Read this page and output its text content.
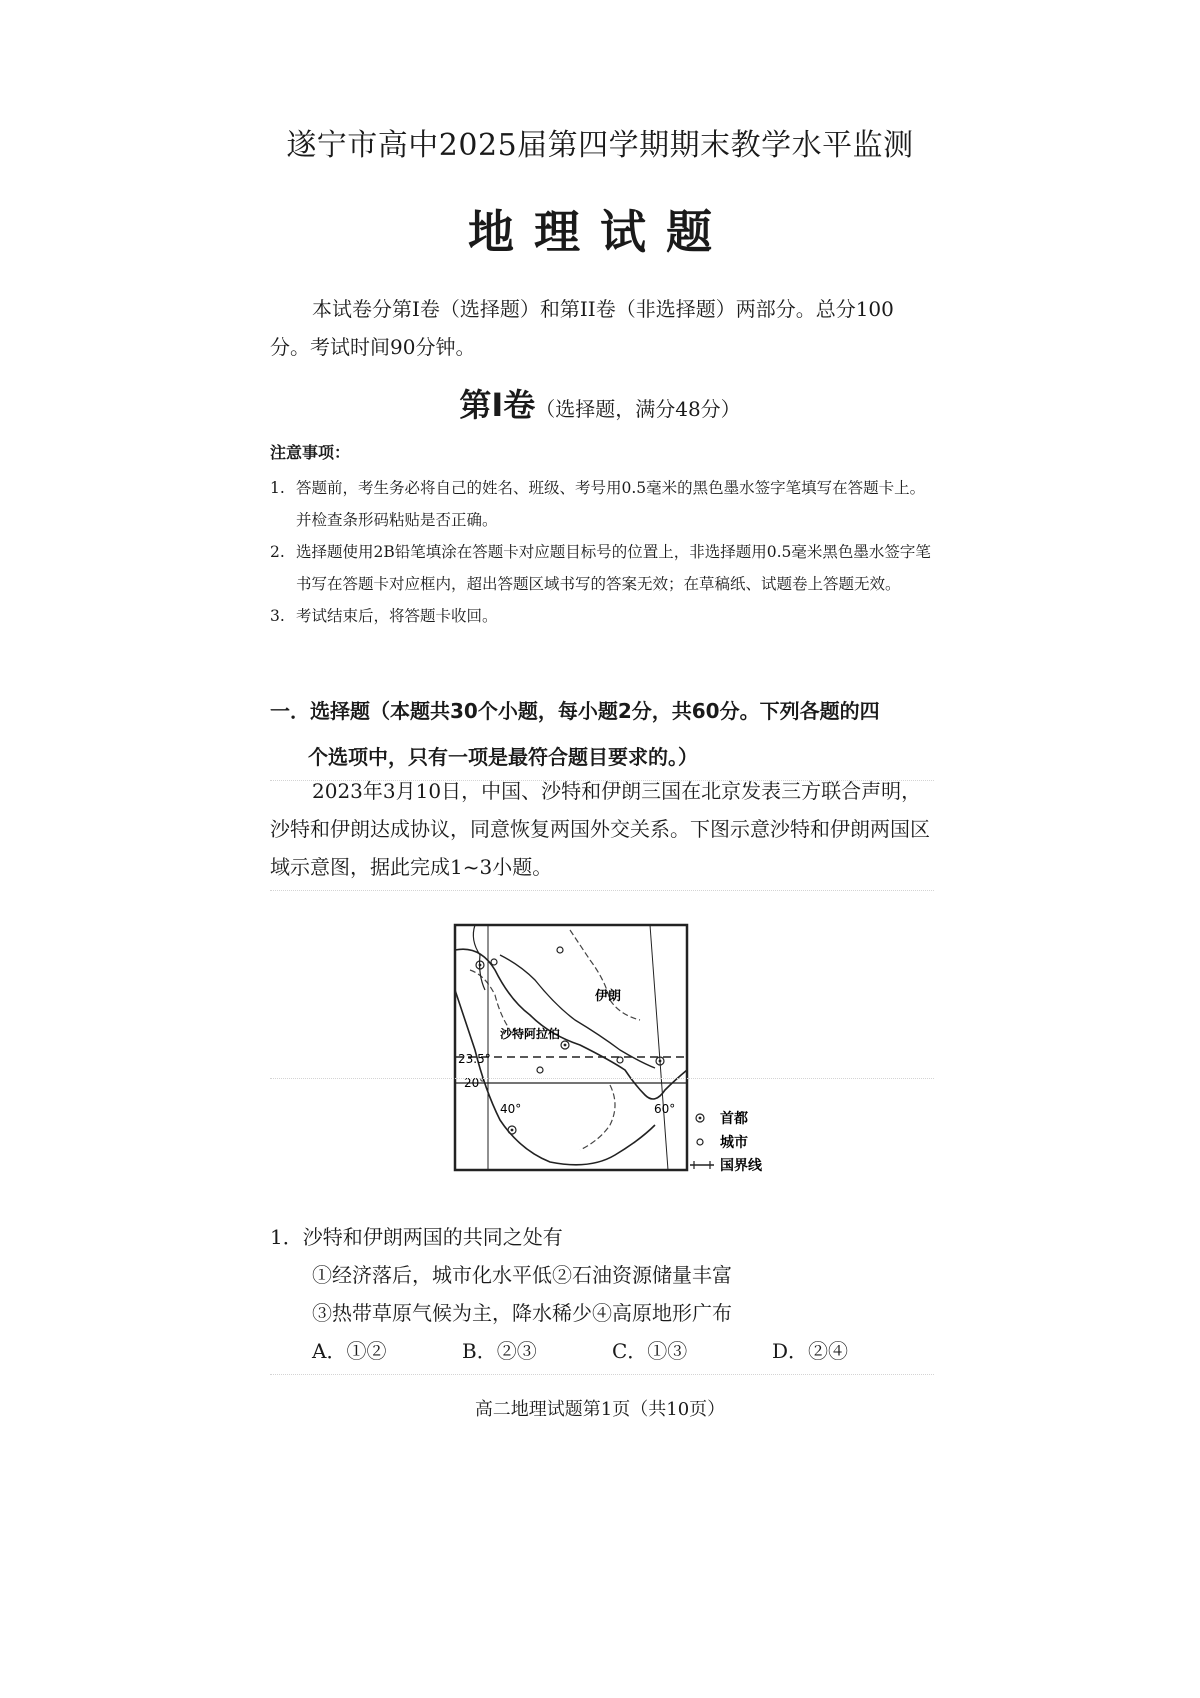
遂宁市高中2025届第四学期期末教学水平监测
地理试题
本试卷分第Ⅰ卷（选择题）和第II卷（非选择题）两部分。总分100分。考试时间90分钟。
第Ⅰ卷（选择题，满分48分）
注意事项：
1. 答题前，考生务必将自己的姓名、班级、考号用0.5毫米的黑色墨水签字笔填写在答题卡上。并检查条形码粘贴是否正确。
2. 选择题使用2B铅笔填涂在答题卡对应题目标号的位置上，非选择题用0.5毫米黑色墨水签字笔书写在答题卡对应框内，超出答题区域书写的答案无效；在草稿纸、试题卷上答题无效。
3. 考试结束后，将答题卡收回。
一．选择题（本题共30个小题，每小题2分，共60分。下列各题的四
个选项中，只有一项是最符合题目要求的。）
2023年3月10日，中国、沙特和伊朗三国在北京发表三方联合声明，沙特和伊朗达成协议，同意恢复两国外交关系。下图示意沙特和伊朗两国区域示意图，据此完成1~3小题。
伊朗
沙特阿拉伯
23.5°
20°
40°	60°
首都
城市
国界线
1．沙特和伊朗两国的共同之处有
①经济落后，城市化水平低②石油资源储量丰富
③热带草原气候为主，降水稀少④高原地形广布
A．①②	B．②③	C．①③	D．②④
高二地理试题第1页（共10页）
